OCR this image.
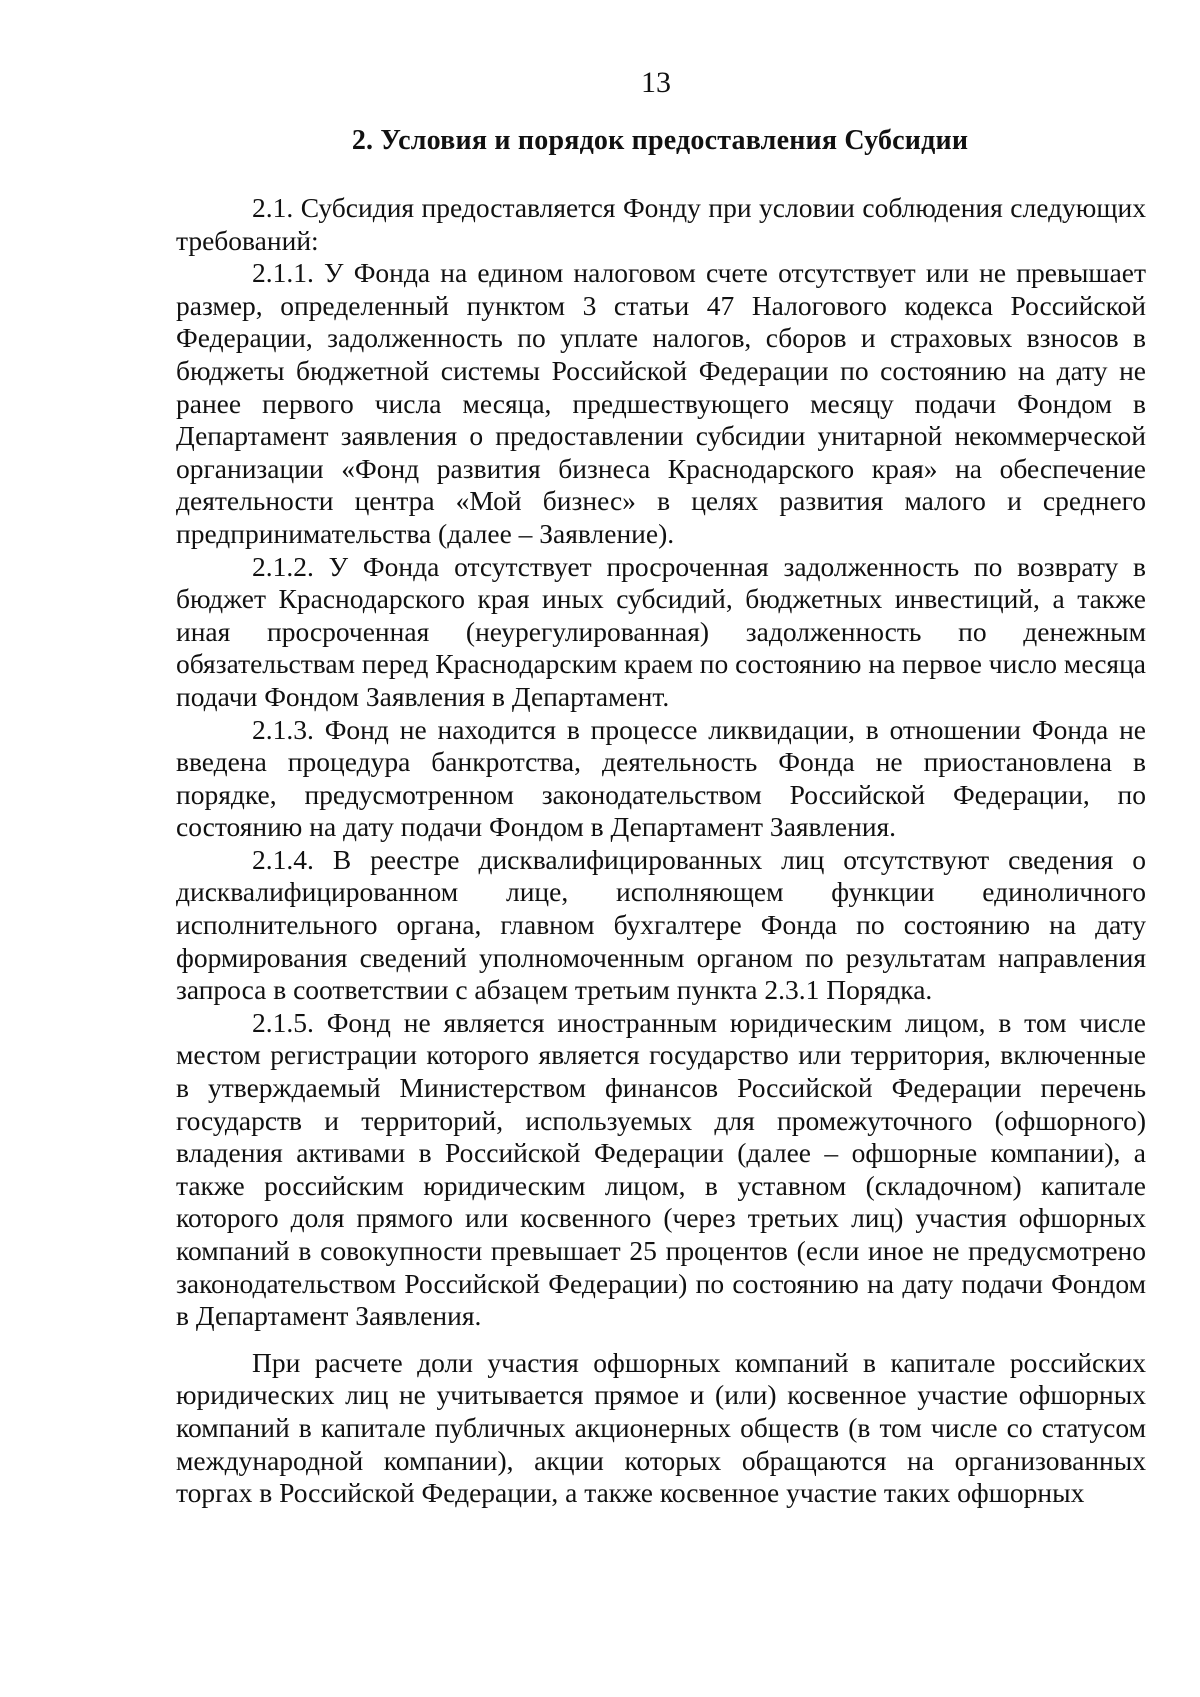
13
2. Условия и порядок предоставления Субсидии

2.1. Субсидия предоставляется Фонду при условии соблюдения следующих требований:

2.1.1. У Фонда на едином налоговом счете отсутствует или не превышает размер, определенный пунктом 3 статьи 47 Налогового кодекса Российской Федерации, задолженность по уплате налогов, сборов и страховых взносов в бюджеты бюджетной системы Российской Федерации по состоянию на дату не ранее первого числа месяца, предшествующего месяцу подачи Фондом в Департамент заявления о предоставлении субсидии унитарной некоммерческой организации «Фонд развития бизнеса Краснодарского края» на обеспечение деятельности центра «Мой бизнес» в целях развития малого и среднего предпринимательства (далее – Заявление).

2.1.2. У Фонда отсутствует просроченная задолженность по возврату в бюджет Краснодарского края иных субсидий, бюджетных инвестиций, а также иная просроченная (неурегулированная) задолженность по денежным обязательствам перед Краснодарским краем по состоянию на первое число месяца подачи Фондом Заявления в Департамент.

2.1.3. Фонд не находится в процессе ликвидации, в отношении Фонда не введена процедура банкротства, деятельность Фонда не приостановлена в порядке, предусмотренном законодательством Российской Федерации, по состоянию на дату подачи Фондом в Департамент Заявления.

2.1.4. В реестре дисквалифицированных лиц отсутствуют сведения о дисквалифицированном лице, исполняющем функции единоличного исполнительного органа, главном бухгалтере Фонда по состоянию на дату формирования сведений уполномоченным органом по результатам направления запроса в соответствии с абзацем третьим пункта 2.3.1 Порядка.

2.1.5. Фонд не является иностранным юридическим лицом, в том числе местом регистрации которого является государство или территория, включенные в утверждаемый Министерством финансов Российской Федерации перечень государств и территорий, используемых для промежуточного (офшорного) владения активами в Российской Федерации (далее – офшорные компании), а также российским юридическим лицом, в уставном (складочном) капитале которого доля прямого или косвенного (через третьих лиц) участия офшорных компаний в совокупности превышает 25 процентов (если иное не предусмотрено законодательством Российской Федерации) по состоянию на дату подачи Фондом в Департамент Заявления.

При расчете доли участия офшорных компаний в капитале российских юридических лиц не учитывается прямое и (или) косвенное участие офшорных компаний в капитале публичных акционерных обществ (в том числе со статусом международной компании), акции которых обращаются на организованных торгах в Российской Федерации, а также косвенное участие таких офшорных
